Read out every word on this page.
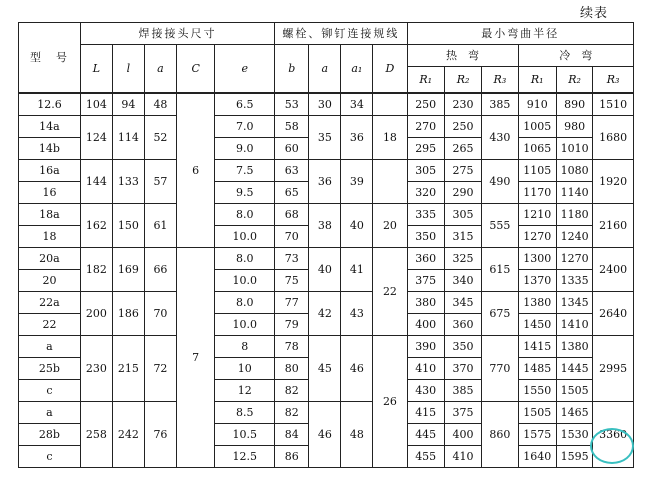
续表
型　号	焊接接头尺寸					螺栓、铆钉连接规线				最小弯曲半径					
	L	l	a	C	e	b	a	a₁	D	热　弯			冷　弯		
										R₁	R₂	R₃	R₁	R₂	R₃
12.6	104	94	48	6	6.5	53	30	34		250	230	385	910	890	1510
14a	124	114	52		7.0	58	35	36	18	270	250	430	1005	980	1680
14b					9.0	60				295	265		1065	1010	
16a	144	133	57		7.5	63	36	39		305	275	490	1105	1080	1920
16					9.5	65				320	290		1170	1140	
18a	162	150	61		8.0	68	38	40	20	335	305	555	1210	1180	2160
18					10.0	70				350	315		1270	1240	
20a	182	169	66	7	8.0	73	40	41	22	360	325	615	1300	1270	2400
20					10.0	75				375	340		1370	1335	
22a	200	186	70		8.0	77	42	43		380	345	675	1380	1345	2640
22					10.0	79				400	360		1450	1410	
a	230	215	72		8	78	45	46	26	390	350	770	1415	1380	2995
25b					10	80				410	370		1485	1445	
c					12	82				430	385		1550	1505	
a	258	242	76		8.5	82	46	48		415	375	860	1505	1465	3360
28b					10.5	84				445	400		1575	1530	
c					12.5	86				455	410		1640	1595	
